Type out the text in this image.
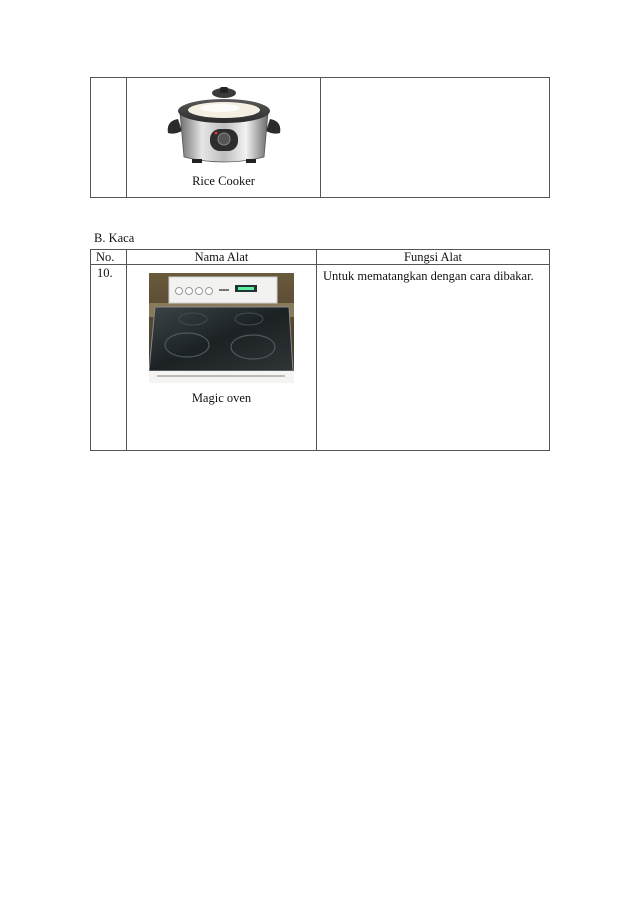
Rice Cooker

B. Kaca
No.	Nama Alat	Fungsi Alat
10.	Magic oven	Untuk mematangkan dengan cara dibakar.
